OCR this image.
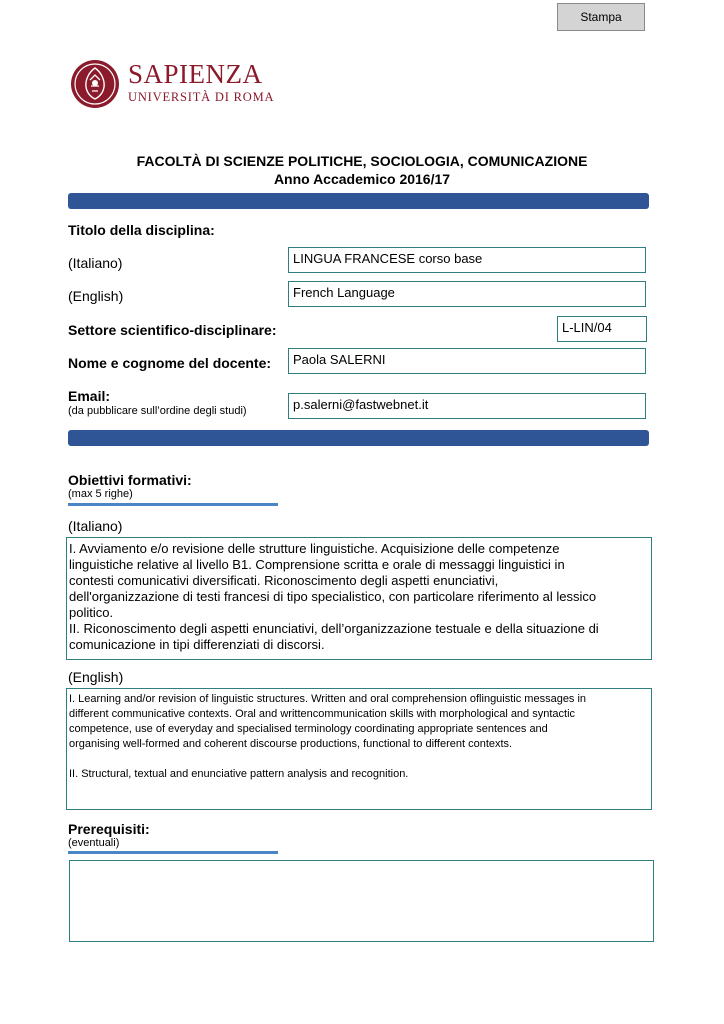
Stampa
SAPIENZA
UNIVERSITÀ DI ROMA
FACOLTÀ DI SCIENZE POLITICHE, SOCIOLOGIA, COMUNICAZIONE
Anno Accademico 2016/17
Titolo della disciplina:
(Italiano)	LINGUA FRANCESE corso base
(English)	French Language
Settore scientifico-disciplinare:	L-LIN/04
Nome e cognome del docente:	Paola SALERNI
Email:
(da pubblicare sull’ordine degli studi)	p.salerni@fastwebnet.it
Obiettivi formativi:
(max 5 righe)
(Italiano)
I. Avviamento e/o revisione delle strutture linguistiche. Acquisizione delle competenze
linguistiche relative al livello B1. Comprensione scritta e orale di messaggi linguistici in
contesti comunicativi diversificati. Riconoscimento degli aspetti enunciativi,
dell'organizzazione di testi francesi di tipo specialistico, con particolare riferimento al lessico
politico.
II. Riconoscimento degli aspetti enunciativi, dell’organizzazione testuale e della situazione di
comunicazione in tipi differenziati di discorsi.
(English)
I. Learning and/or revision of linguistic structures. Written and oral comprehension oflinguistic messages in
different communicative contexts. Oral and writtencommunication skills with morphological and syntactic
competence, use of everyday and specialised terminology coordinating appropriate sentences and
organising well-formed and coherent discourse productions, functional to different contexts.

II. Structural, textual and enunciative pattern analysis and recognition.
Prerequisiti:
(eventuali)
